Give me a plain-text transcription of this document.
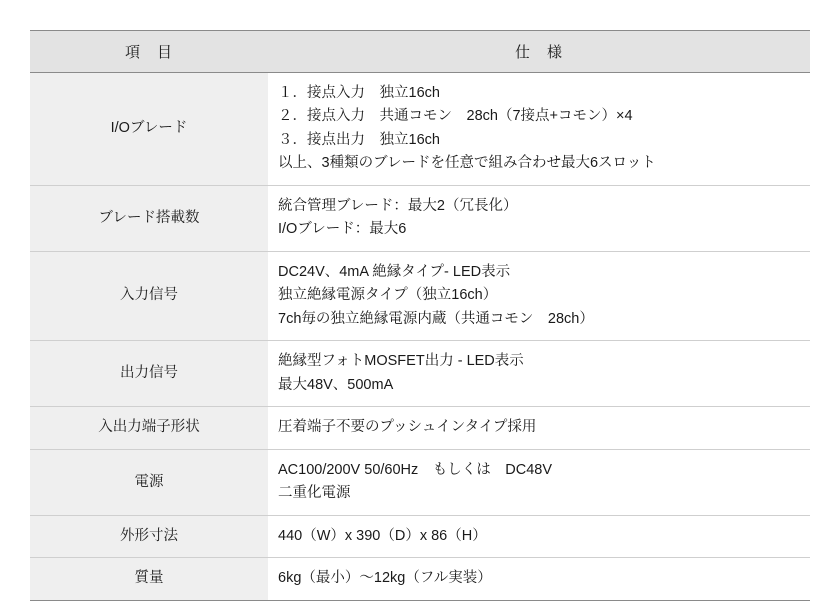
項　目	仕　様
I/Oブレード	１．接点入力　独立16ch
２．接点入力　共通コモン　28ch（7接点+コモン）×4
３．接点出力　独立16ch
以上、3種類のブレードを任意で組み合わせ最大6スロット

ブレード搭載数	統合管理ブレード：最大2（冗長化）
I/Oブレード：最大6

入力信号	DC24V、4mA 絶縁タイプ- LED表示
独立絶縁電源タイプ（独立16ch）
7ch毎の独立絶縁電源内蔵（共通コモン　28ch）

出力信号	絶縁型フォトMOSFET出力 - LED表示
最大48V、500mA

入出力端子形状	圧着端子不要のプッシュインタイプ採用

電源	AC100/200V 50/60Hz　もしくは　DC48V
二重化電源

外形寸法	440（W）x 390（D）x 86（H）

質量	6kg（最小）～12kg（フル実装）
